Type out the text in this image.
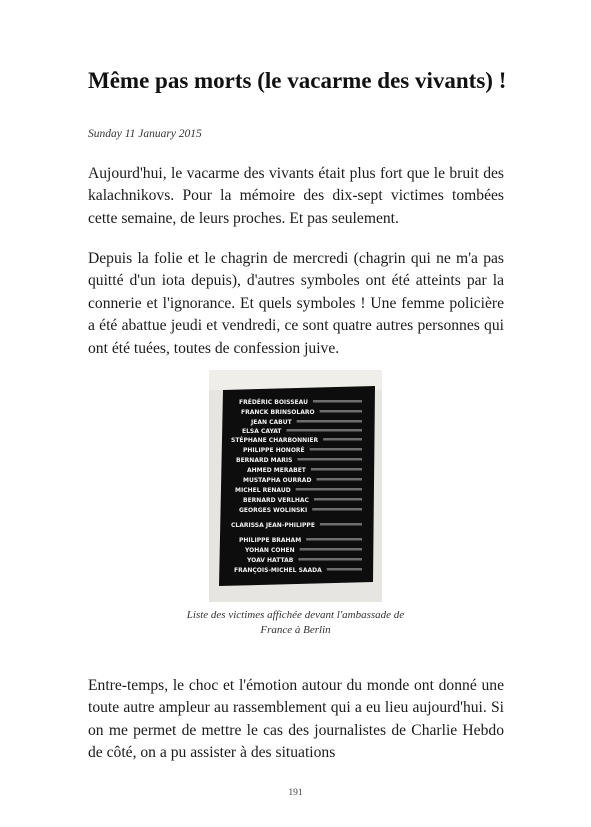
Même pas morts (le vacarme des vivants) !
Sunday 11 January 2015

Aujourd'hui, le vacarme des vivants était plus fort que le bruit des kalachnikovs. Pour la mémoire des dix-sept victimes tombées cette semaine, de leurs proches. Et pas seulement.

Depuis la folie et le chagrin de mercredi (chagrin qui ne m'a pas quitté d'un iota depuis), d'autres symboles ont été atteints par la connerie et l'ignorance. Et quels symboles ! Une femme policière a été abattue jeudi et vendredi, ce sont quatre autres personnes qui ont été tuées, toutes de confession juive.

FRÉDÉRIC BOISSEAU
FRANCK BRINSOLARO
JEAN CABUT
ELSA CAYAT
STÉPHANE CHARBONNIER
PHILIPPE HONORÉ
BERNARD MARIS
AHMED MERABET
MUSTAPHA OURRAD
MICHEL RENAUD
BERNARD VERLHAC
GEORGES WOLINSKI
CLARISSA JEAN-PHILIPPE
PHILIPPE BRAHAM
YOHAN COHEN
YOAV HATTAB
FRANÇOIS-MICHEL SAADA
Liste des victimes affichée devant l'ambassade de France à Berlin

Entre-temps, le choc et l'émotion autour du monde ont donné une toute autre ampleur au rassemblement qui a eu lieu aujourd'hui. Si on me permet de mettre le cas des journalistes de Charlie Hebdo de côté, on a pu assister à des situations

191
